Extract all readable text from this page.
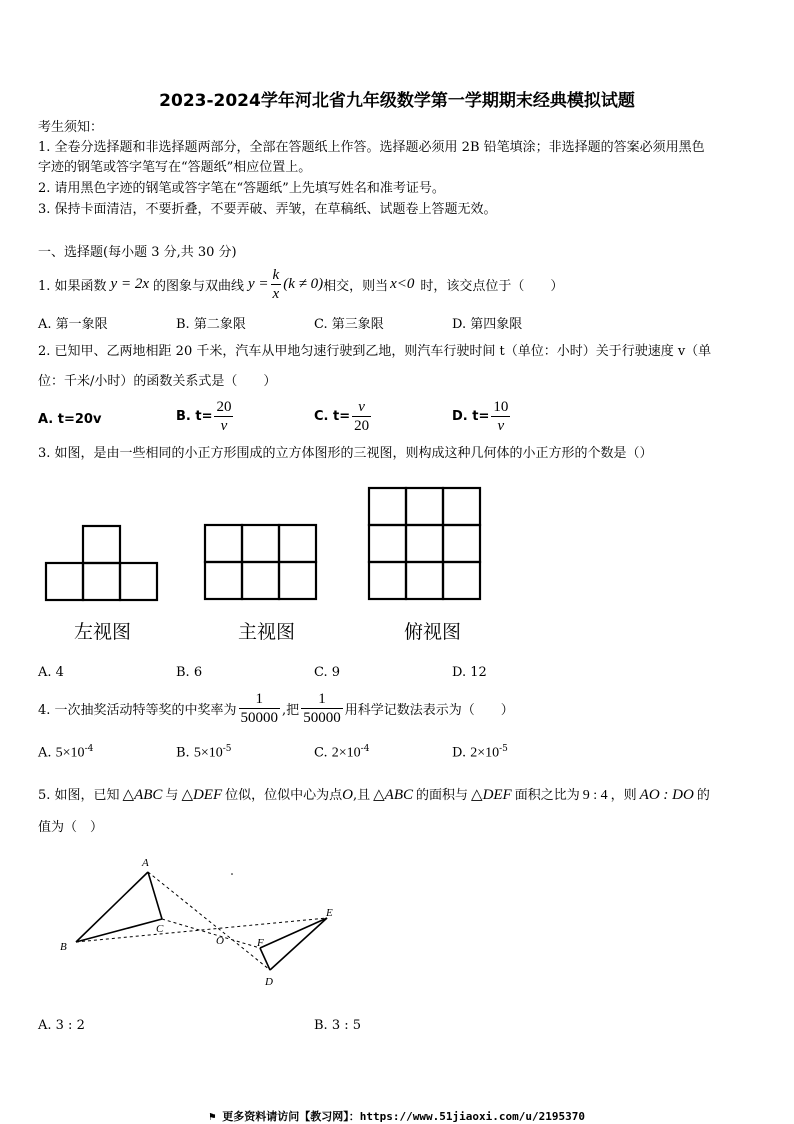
2023-2024学年河北省九年级数学第一学期期末经典模拟试题
考生须知：
1. 全卷分选择题和非选择题两部分，全部在答题纸上作答。选择题必须用 2B 铅笔填涂；非选择题的答案必须用黑色
字迹的钢笔或答字笔写在“答题纸”相应位置上。
2. 请用黑色字迹的钢笔或答字笔在“答题纸”上先填写姓名和准考证号。
3. 保持卡面清洁，不要折叠，不要弄破、弄皱，在草稿纸、试题卷上答题无效。
一、选择题(每小题 3 分,共 30 分)
1. 如果函数 y = 2x 的图象与双曲线 $y = \frac{k}{x} (k \ne 0)$ 相交，则当 x<0 时，该交点位于（　　）
A. 第一象限	B. 第二象限	C. 第三象限	D. 第四象限
2. 已知甲、乙两地相距 20 千米，汽车从甲地匀速行驶到乙地，则汽车行驶时间 t（单位：小时）关于行驶速度 v（单
位：千米/小时）的函数关系式是（　　）
A. t=20v	B. $t= \frac{20}{v}$	C. $t= \frac{v}{20}$	D. $t= \frac{10}{v}$
3. 如图，是由一些相同的小正方形围成的立方体图形的三视图，则构成这种几何体的小正方形的个数是（）
左视图	主视图	俯视图
A. 4	B. 6	C. 9	D. 12
4. 一次抽奖活动特等奖的中奖率为 $\frac{1}{50000}$ ,把 $\frac{1}{50000}$ 用科学记数法表示为（　　）
A. $5\times 10^{-4}$	B. $5\times 10^{-5}$	C. $2\times 10^{-4}$	D. $2\times 10^{-5}$
5. 如图，已知 △ABC 与 △DEF 位似，位似中心为点 O ,且 △ABC 的面积与 △DEF 面积之比为 9 : 4 ，则 AO : DO 的
值为（　）
A
B
C
O
E
F
D
A. 3 : 2	B. 3 : 5
⚑ 更多资料请访问【教习网】：https://www.51jiaoxi.com/u/2195370
